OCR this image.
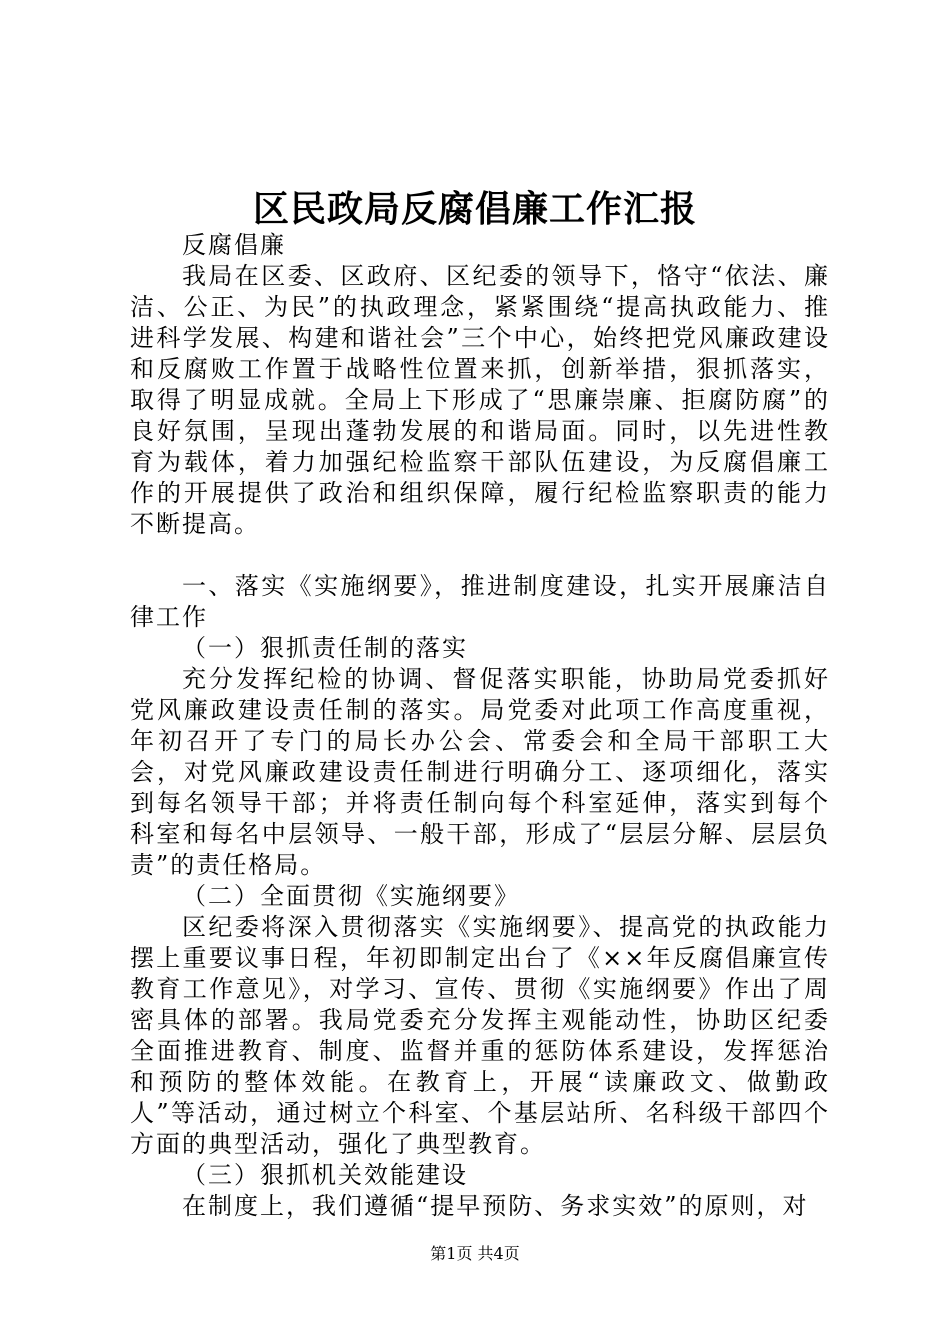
区民政局反腐倡廉工作汇报

反腐倡廉

我局在区委、区政府、区纪委的领导下，恪守“依法、廉洁、公正、为民”的执政理念，紧紧围绕“提高执政能力、推进科学发展、构建和谐社会”三个中心，始终把党风廉政建设和反腐败工作置于战略性位置来抓，创新举措，狠抓落实，取得了明显成就。全局上下形成了“思廉崇廉、拒腐防腐”的良好氛围，呈现出蓬勃发展的和谐局面。同时，以先进性教育为载体，着力加强纪检监察干部队伍建设，为反腐倡廉工作的开展提供了政治和组织保障，履行纪检监察职责的能力不断提高。

一、落实《实施纲要》，推进制度建设，扎实开展廉洁自律工作

（一）狠抓责任制的落实

充分发挥纪检的协调、督促落实职能，协助局党委抓好党风廉政建设责任制的落实。局党委对此项工作高度重视，年初召开了专门的局长办公会、常委会和全局干部职工大会，对党风廉政建设责任制进行明确分工、逐项细化，落实到每名领导干部；并将责任制向每个科室延伸，落实到每个科室和每名中层领导、一般干部，形成了“层层分解、层层负责”的责任格局。

（二）全面贯彻《实施纲要》

区纪委将深入贯彻落实《实施纲要》、提高党的执政能力摆上重要议事日程，年初即制定出台了《××年反腐倡廉宣传教育工作意见》，对学习、宣传、贯彻《实施纲要》作出了周密具体的部署。我局党委充分发挥主观能动性，协助区纪委全面推进教育、制度、监督并重的惩防体系建设，发挥惩治和预防的整体效能。在教育上，开展“读廉政文、做勤政人”等活动，通过树立个科室、个基层站所、名科级干部四个方面的典型活动，强化了典型教育。

（三）狠抓机关效能建设

在制度上，我们遵循“提早预防、务求实效”的原则，对

第1页 共4页
